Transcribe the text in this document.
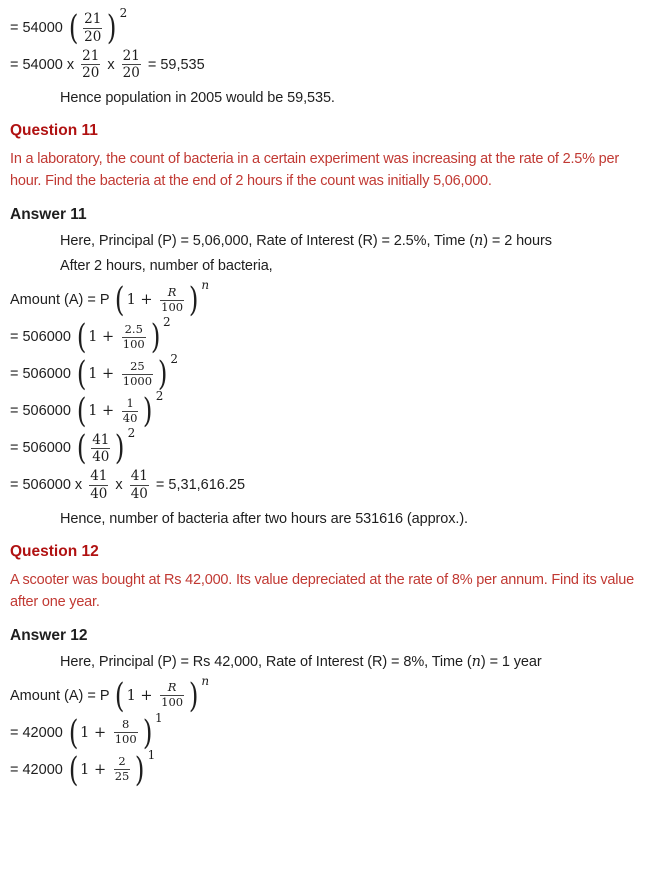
= 54000 ( $\frac{21}{20}$ ) 2
= 54000 x $\frac{21}{20}$ x $\frac{21}{20} = 59,535$
Hence population in 2005 would be 59,535.
Question 11
In a laboratory, the count of bacteria in a certain experiment was increasing at the rate of 2.5% per hour. Find the bacteria at the end of 2 hours if the count was initially 5,06,000.
Answer 11
Here, Principal (P) = 5,06,000, Rate of Interest (R) = 2.5%, Time (n) = 2 hours
After 2 hours, number of bacteria,
Amount (A) = P ( $1 + \frac{R}{100}$ ) n
= 506000 ( $1 + \frac{2.5}{100}$ ) 2
= 506000 ( $1 + \frac{25}{1000}$ ) 2
= 506000 ( $1 + \frac{1}{40}$ ) 2
= 506000 ( $\frac{41}{40}$ ) 2
= 506000 x $\frac{41}{40}$ x $\frac{41}{40} = 5,31,616.25$
Hence, number of bacteria after two hours are 531616 (approx.).
Question 12
A scooter was bought at Rs 42,000. Its value depreciated at the rate of 8% per annum. Find its value after one year.
Answer 12
Here, Principal (P) = Rs 42,000, Rate of Interest (R) = 8%, Time (n) = 1 year
Amount (A) = P ( $1 + \frac{R}{100}$ ) n
= 42000 ( $1 + \frac{8}{100}$ ) 1
= 42000 ( $1 + \frac{2}{25}$ ) 1
